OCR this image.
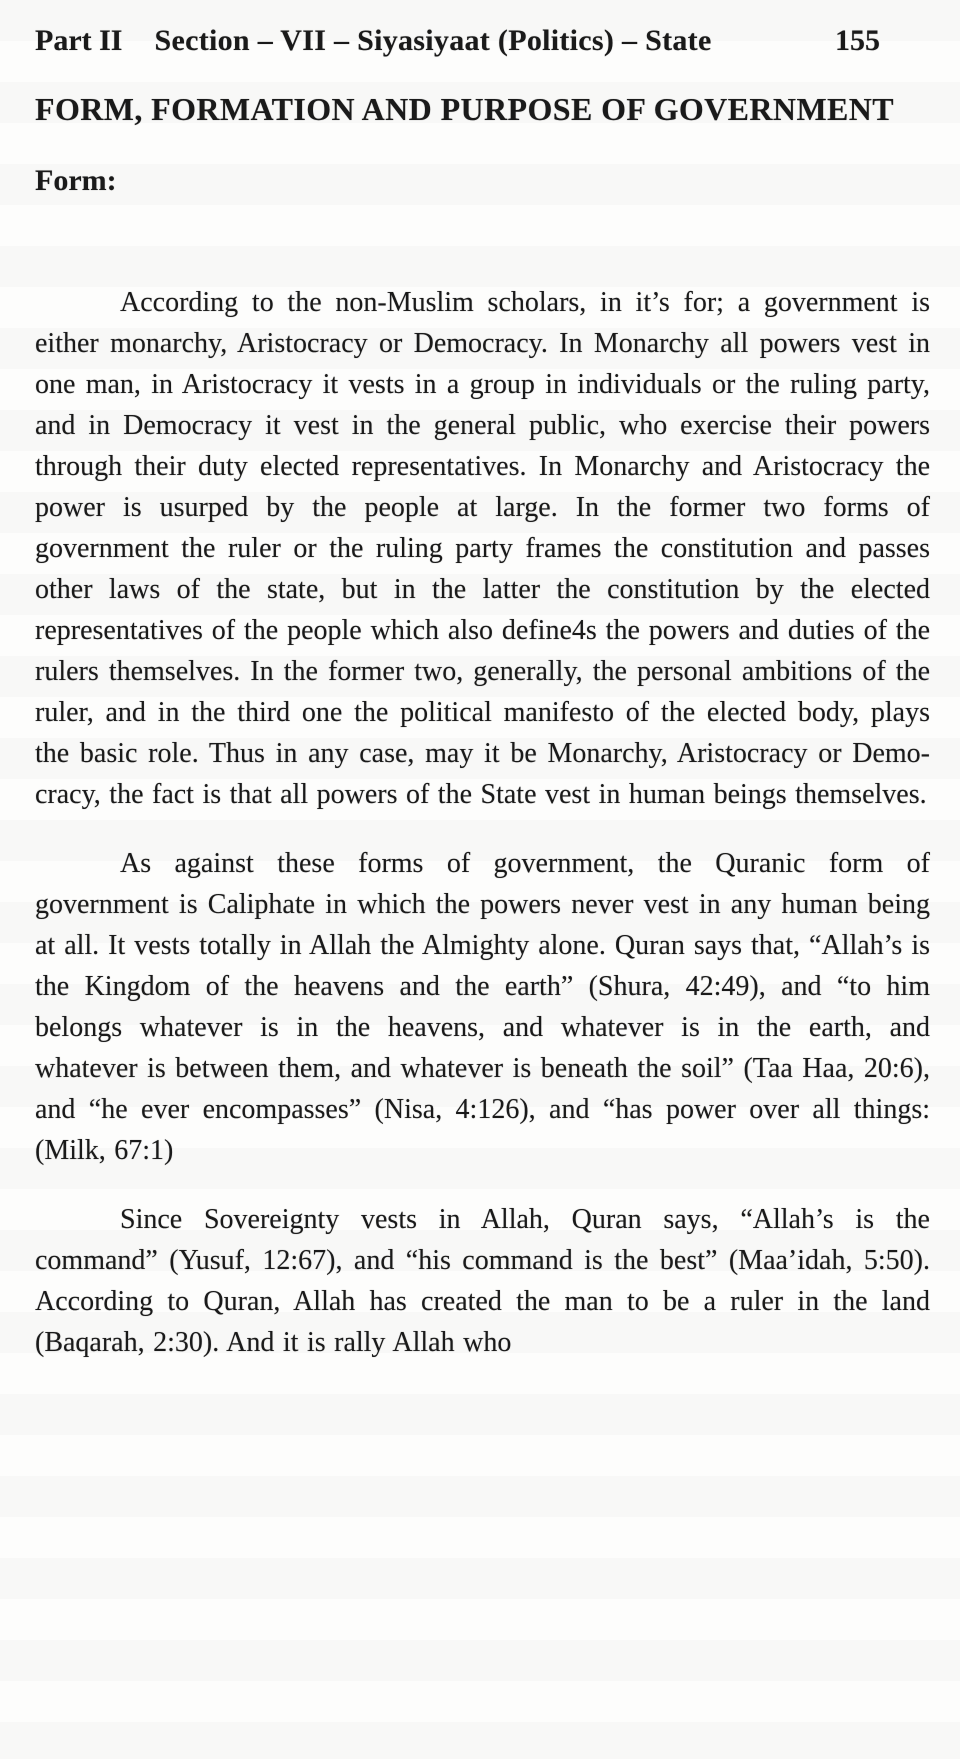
Part II Section – VII – Siyasiyaat (Politics) – State	155
FORM, FORMATION AND PURPOSE OF GOVERNMENT
Form:

According to the non-Muslim scholars, in it’s for; a government is either monarchy, Aristocracy or Democracy. In Monarchy all powers vest in one man, in Aristocracy it vests in a group in individuals or the ruling party, and in Democracy it vest in the general public, who exercise their powers through their duty elected representatives. In Monarchy and Aristocracy the power is usurped by the people at large. In the former two forms of government the ruler or the ruling party frames the constitution and passes other laws of the state, but in the latter the constitution by the elected representatives of the people which also define4s the powers and duties of the rulers themselves. In the former two, generally, the personal ambitions of the ruler, and in the third one the political manifesto of the elected body, plays the basic role. Thus in any case, may it be Monarchy, Aristocracy or Demo-cracy, the fact is that all powers of the State vest in human beings themselves.

As against these forms of government, the Quranic form of government is Caliphate in which the powers never vest in any human being at all. It vests totally in Allah the Almighty alone. Quran says that, “Allah’s is the Kingdom of the heavens and the earth” (Shura, 42:49), and “to him belongs whatever is in the heavens, and whatever is in the earth, and whatever is between them, and whatever is beneath the soil” (Taa Haa, 20:6), and “he ever encompasses” (Nisa, 4:126), and “has power over all things: (Milk, 67:1)

Since Sovereignty vests in Allah, Quran says, “Allah’s is the command” (Yusuf, 12:67), and “his command is the best” (Maa’idah, 5:50). According to Quran, Allah has created the man to be a ruler in the land (Baqarah, 2:30). And it is rally Allah who
